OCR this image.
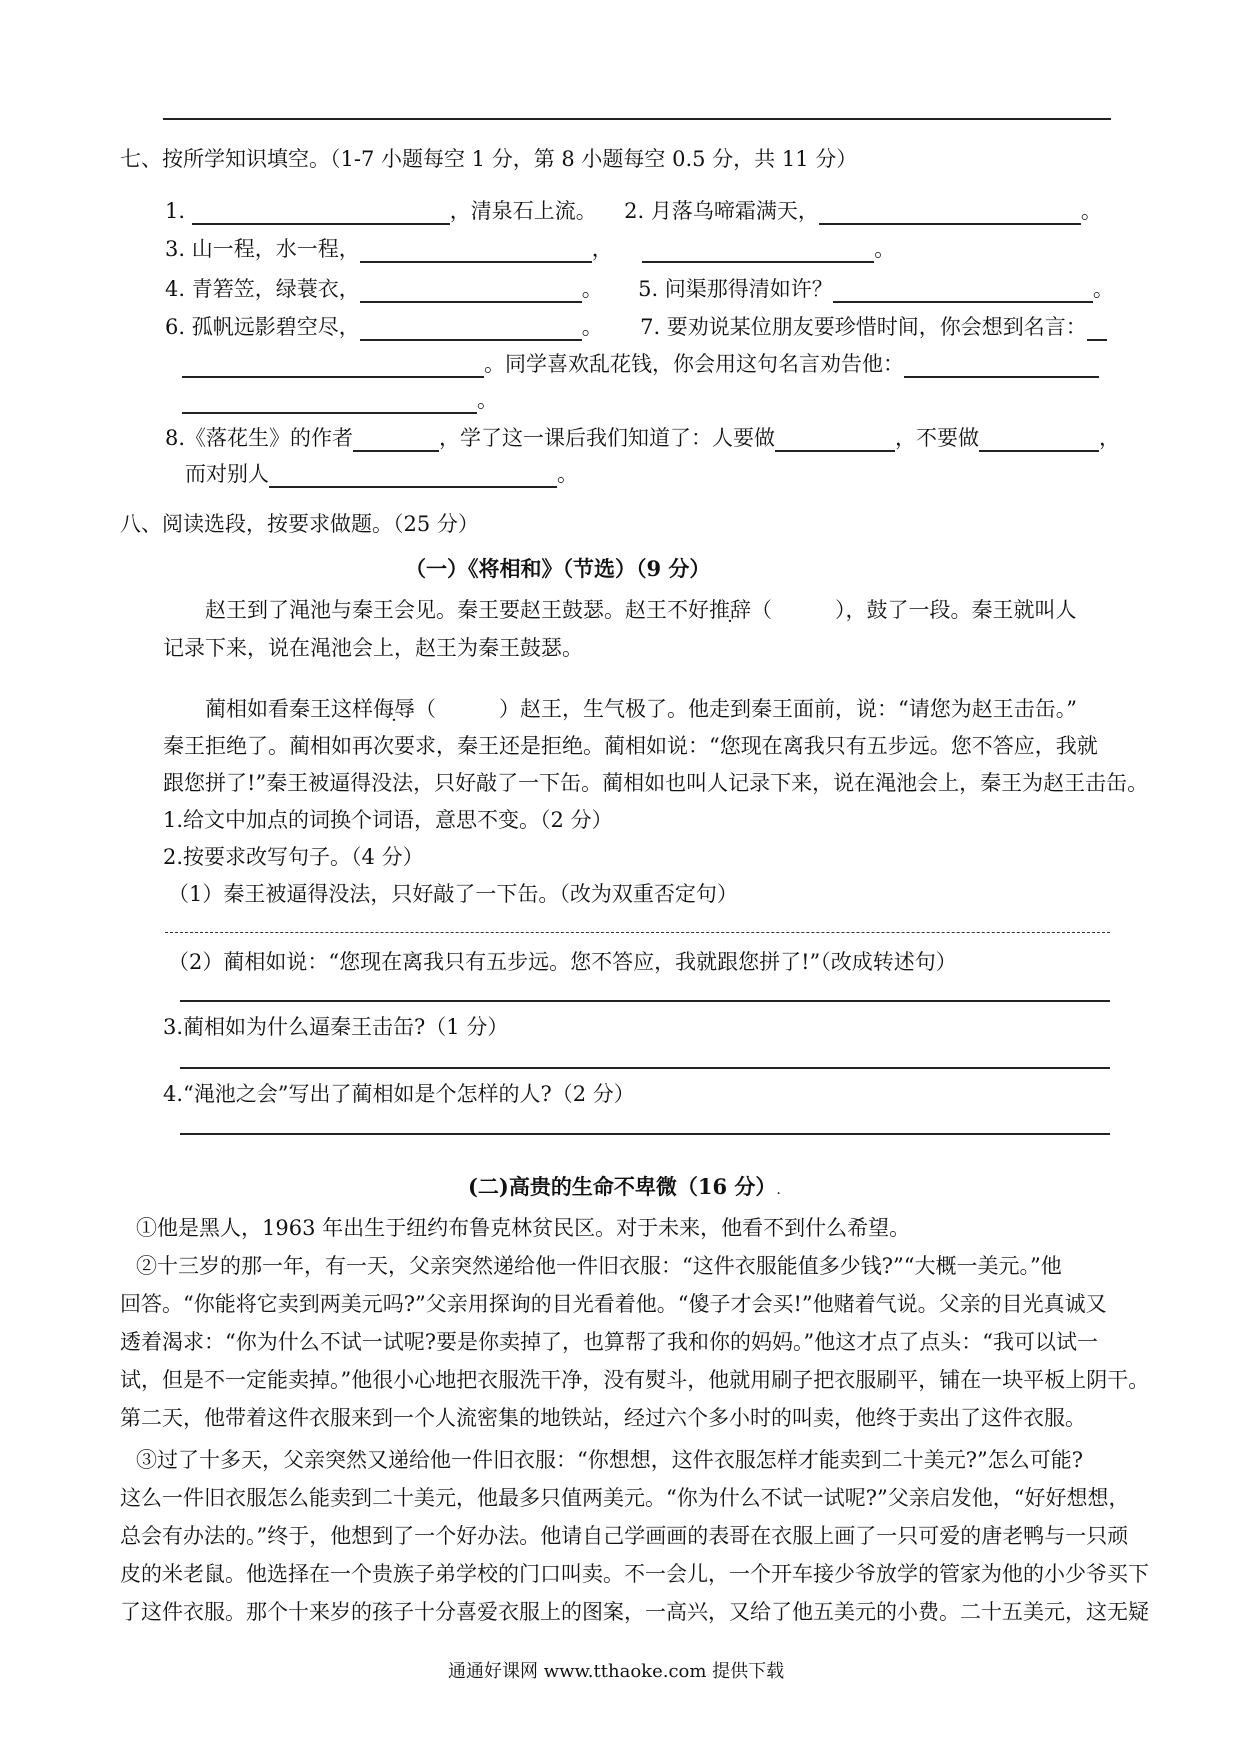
七、按所学知识填空。（1-7 小题每空 1 分，第 8 小题每空 0.5 分，共 11 分）
1.	，清泉石上流。 2. 月落乌啼霜满天，	。
3. 山一程，水一程，	，	。
4. 青箬笠，绿蓑衣，	。 5. 问渠那得清如许？	。
6. 孤帆远影碧空尽，	。 7. 要劝说某位朋友要珍惜时间，你会想到名言：
。同学喜欢乱花钱，你会用这句名言劝告他：
。
8.《落花生》的作者	，学了这一课后我们知道了：人要做	，不要做	，
而对别人	。
八、阅读选段，按要求做题。（25 分）
（一）《将相和》（节选）（9 分）
赵王到了渑池与秦王会见。秦王要赵王鼓瑟。赵王不好推辞（　　　），鼓了一段。秦王就叫人
记录下来，说在渑池会上，赵王为秦王鼓瑟。
蔺相如看秦王这样侮辱（　　　）赵王，生气极了。他走到秦王面前，说：“请您为赵王击缶。”
秦王拒绝了。蔺相如再次要求，秦王还是拒绝。蔺相如说：“您现在离我只有五步远。您不答应，我就
跟您拼了!”秦王被逼得没法，只好敲了一下缶。蔺相如也叫人记录下来，说在渑池会上，秦王为赵王击缶。
1.给文中加点的词换个词语，意思不变。（2 分）
2.按要求改写句子。（4 分）
（1）秦王被逼得没法，只好敲了一下缶。（改为双重否定句）
（2）蔺相如说：“您现在离我只有五步远。您不答应，我就跟您拼了!”（改成转述句）
3.蔺相如为什么逼秦王击缶?（1 分）
4.“渑池之会”写出了蔺相如是个怎样的人?（2 分）
(二)高贵的生命不卑微（16 分）.
①他是黑人，1963 年出生于纽约布鲁克林贫民区。对于未来，他看不到什么希望。
②十三岁的那一年，有一天，父亲突然递给他一件旧衣服：“这件衣服能值多少钱?”“大概一美元。”他
回答。“你能将它卖到两美元吗?”父亲用探询的目光看着他。“傻子才会买!”他赌着气说。父亲的目光真诚又
透着渴求：“你为什么不试一试呢?要是你卖掉了，也算帮了我和你的妈妈。”他这才点了点头：“我可以试一
试，但是不一定能卖掉。”他很小心地把衣服洗干净，没有熨斗，他就用刷子把衣服刷平，铺在一块平板上阴干。
第二天，他带着这件衣服来到一个人流密集的地铁站，经过六个多小时的叫卖，他终于卖出了这件衣服。
③过了十多天，父亲突然又递给他一件旧衣服：“你想想，这件衣服怎样才能卖到二十美元?”怎么可能?
这么一件旧衣服怎么能卖到二十美元，他最多只值两美元。“你为什么不试一试呢?”父亲启发他，“好好想想，
总会有办法的。”终于，他想到了一个好办法。他请自己学画画的表哥在衣服上画了一只可爱的唐老鸭与一只顽
皮的米老鼠。他选择在一个贵族子弟学校的门口叫卖。不一会儿，一个开车接少爷放学的管家为他的小少爷买下
了这件衣服。那个十来岁的孩子十分喜爱衣服上的图案，一高兴，又给了他五美元的小费。二十五美元，这无疑
通通好课网 www.tthaoke.com 提供下载
